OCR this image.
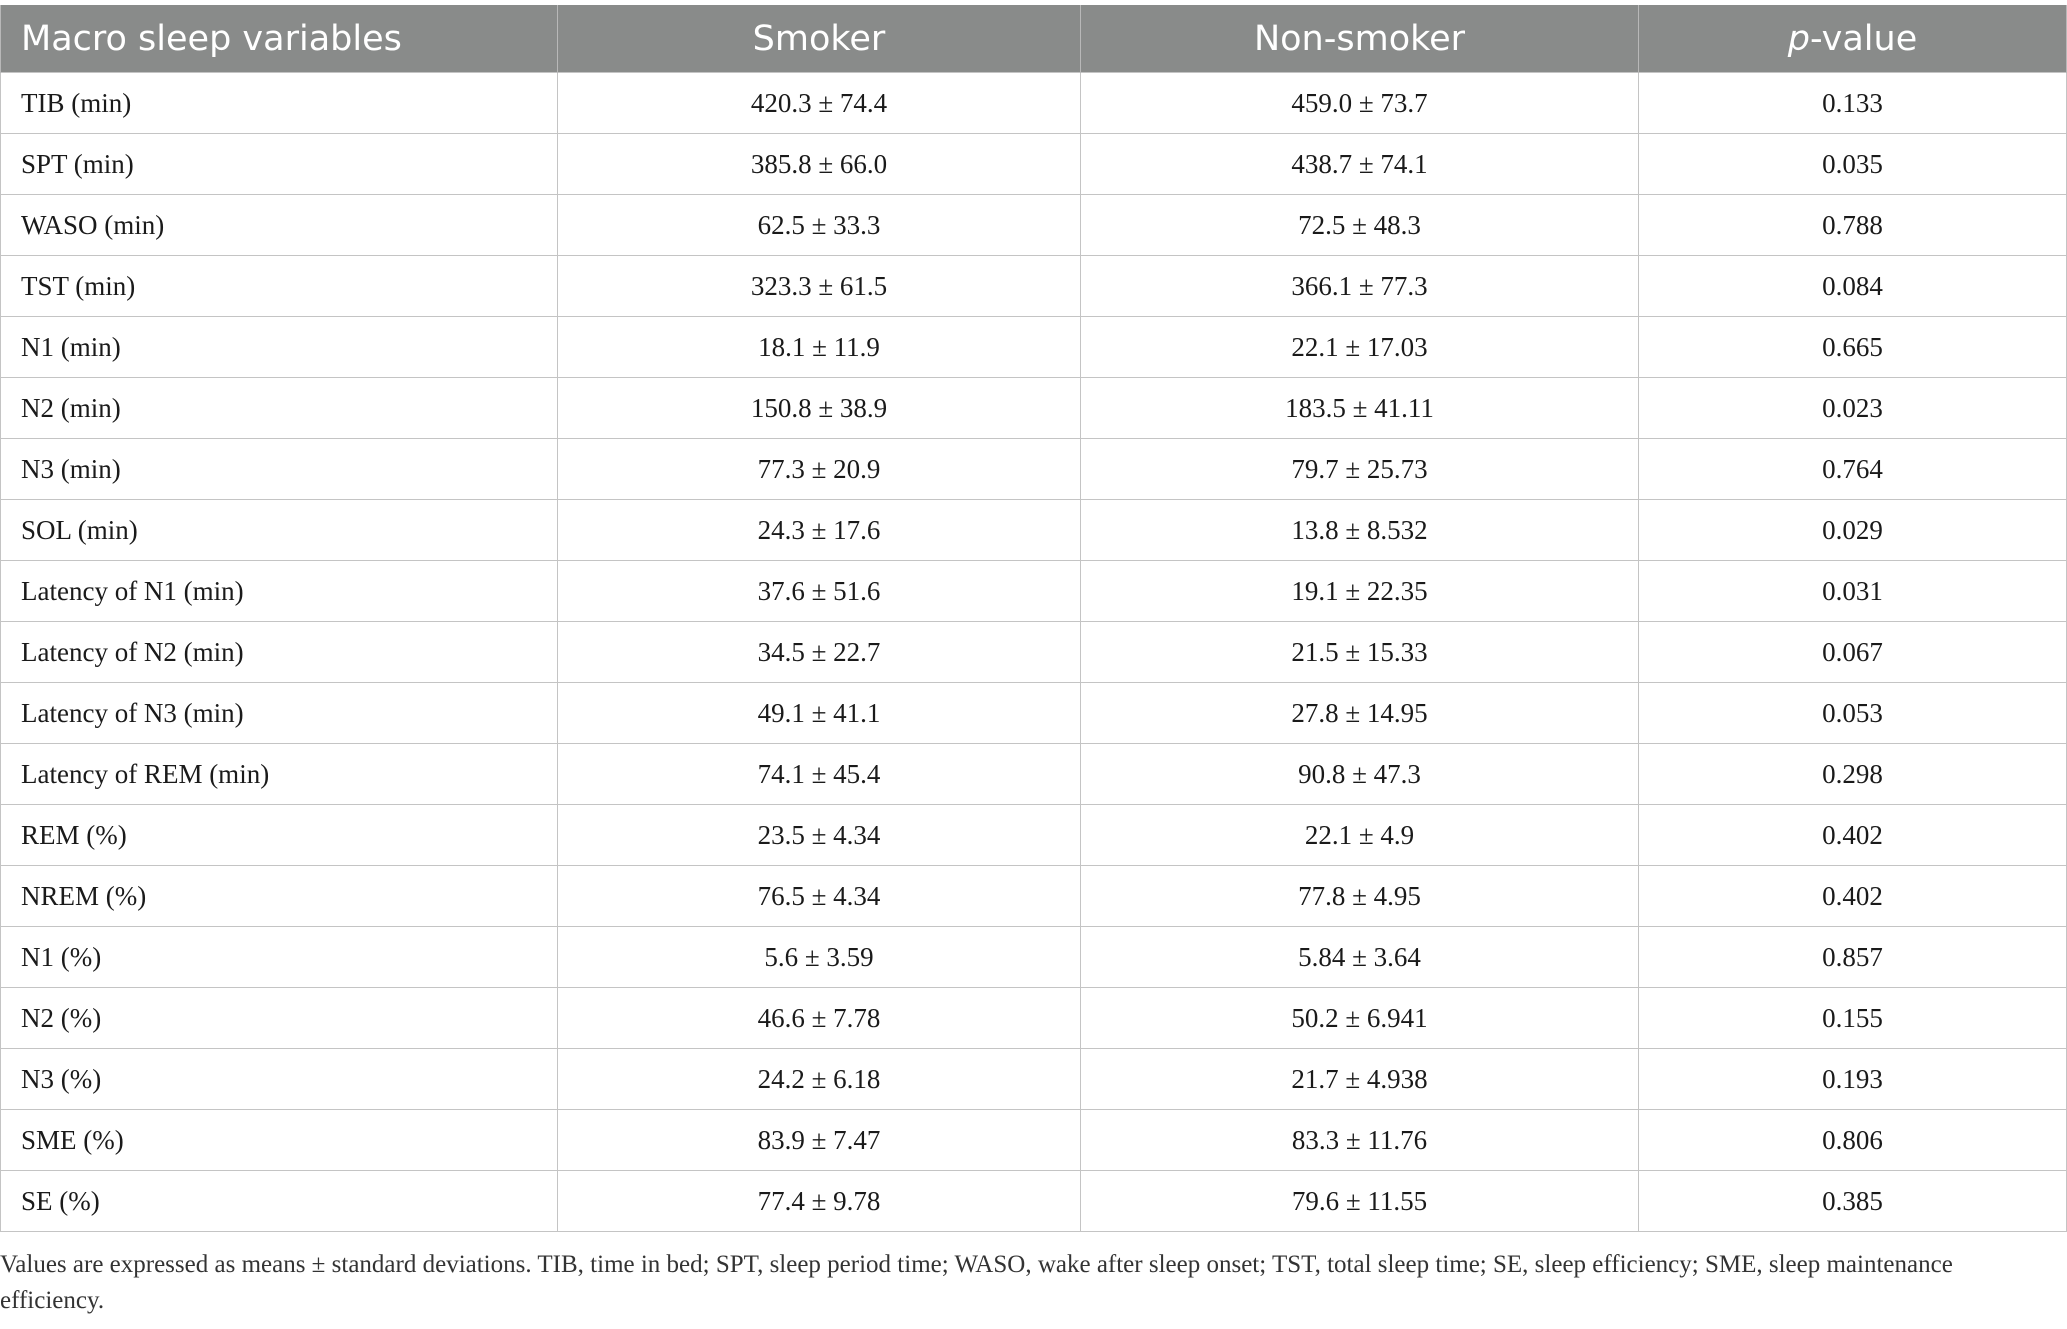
Macro sleep variables	Smoker	Non-smoker	p-value
TIB (min)	420.3 ± 74.4	459.0 ± 73.7	0.133
SPT (min)	385.8 ± 66.0	438.7 ± 74.1	0.035
WASO (min)	62.5 ± 33.3	72.5 ± 48.3	0.788
TST (min)	323.3 ± 61.5	366.1 ± 77.3	0.084
N1 (min)	18.1 ± 11.9	22.1 ± 17.03	0.665
N2 (min)	150.8 ± 38.9	183.5 ± 41.11	0.023
N3 (min)	77.3 ± 20.9	79.7 ± 25.73	0.764
SOL (min)	24.3 ± 17.6	13.8 ± 8.532	0.029
Latency of N1 (min)	37.6 ± 51.6	19.1 ± 22.35	0.031
Latency of N2 (min)	34.5 ± 22.7	21.5 ± 15.33	0.067
Latency of N3 (min)	49.1 ± 41.1	27.8 ± 14.95	0.053
Latency of REM (min)	74.1 ± 45.4	90.8 ± 47.3	0.298
REM (%)	23.5 ± 4.34	22.1 ± 4.9	0.402
NREM (%)	76.5 ± 4.34	77.8 ± 4.95	0.402
N1 (%)	5.6 ± 3.59	5.84 ± 3.64	0.857
N2 (%)	46.6 ± 7.78	50.2 ± 6.941	0.155
N3 (%)	24.2 ± 6.18	21.7 ± 4.938	0.193
SME (%)	83.9 ± 7.47	83.3 ± 11.76	0.806
SE (%)	77.4 ± 9.78	79.6 ± 11.55	0.385
Values are expressed as means ± standard deviations. TIB, time in bed; SPT, sleep period time; WASO, wake after sleep onset; TST, total sleep time; SE, sleep efficiency; SME, sleep maintenance efficiency.
